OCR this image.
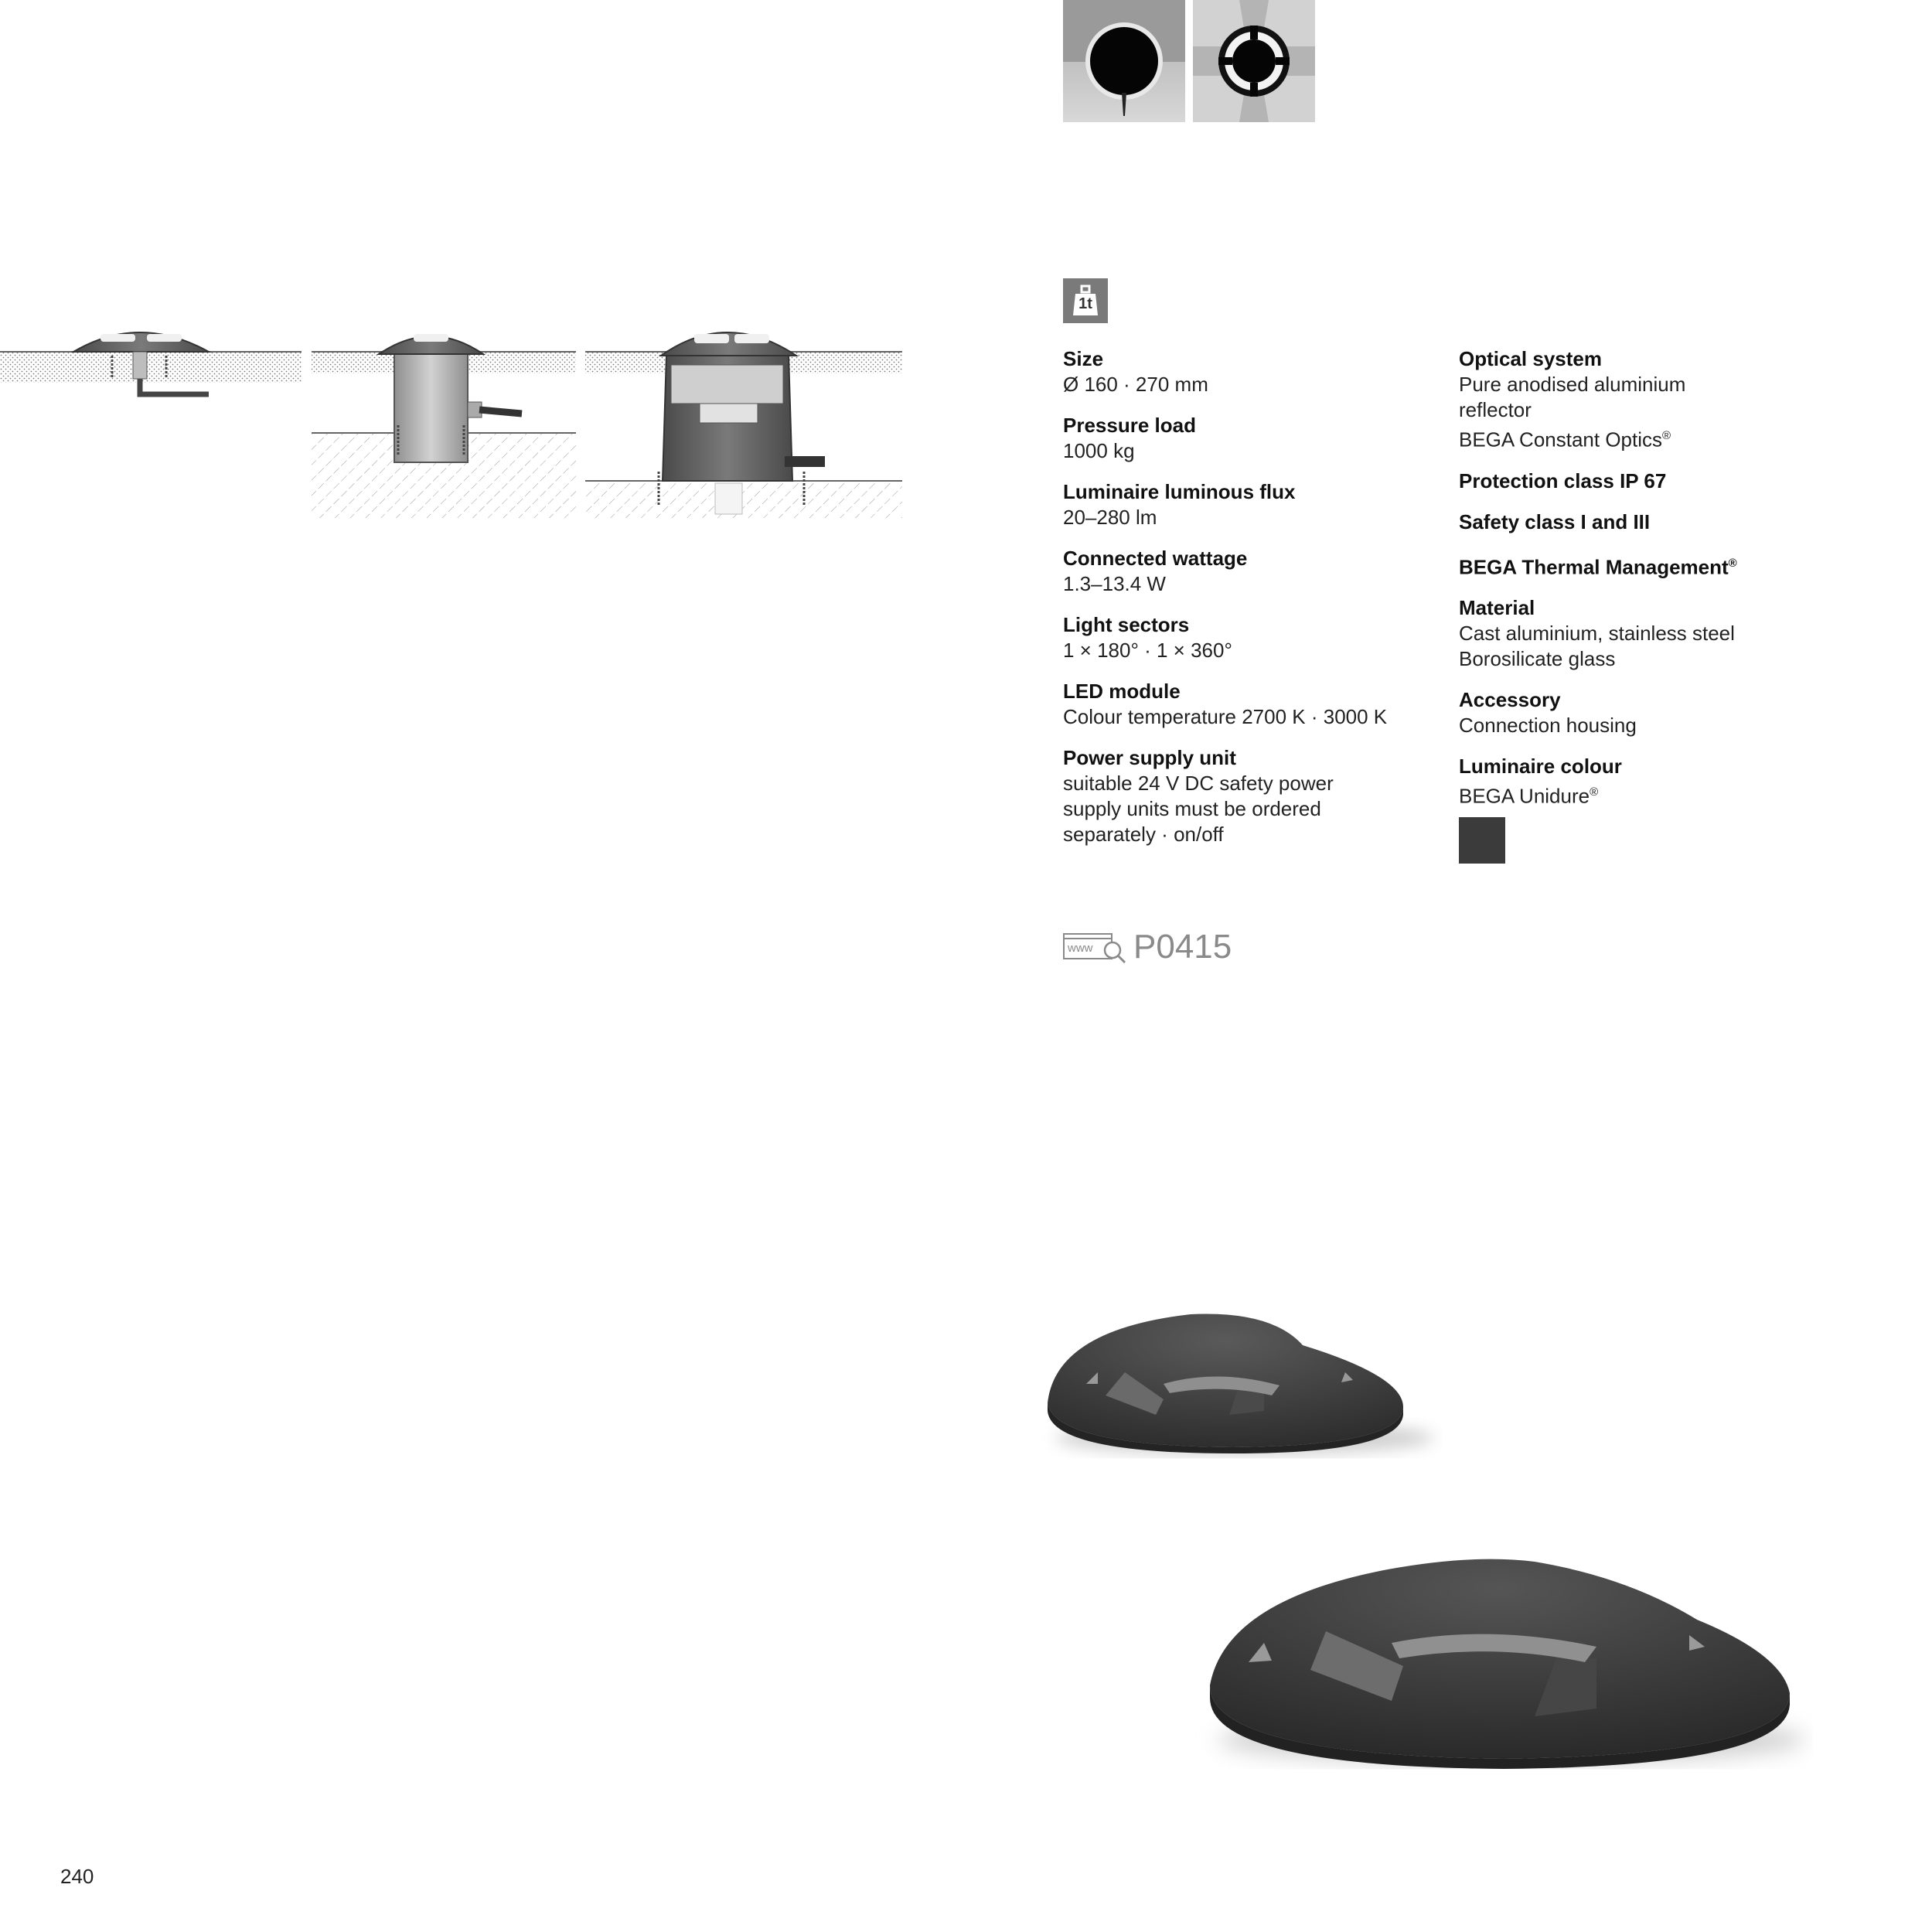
1t
Size
Ø 160 · 270 mm
Pressure load
1000 kg
Luminaire luminous flux
20–280 lm
Connected wattage
1.3–13.4 W
Light sectors
1 × 180° · 1 × 360°
LED module
Colour temperature 2700 K · 3000 K
Power supply unit
suitable 24 V DC safety power
supply units must be ordered
separately · on/off
Optical system
Pure anodised aluminium
reflector
BEGA Constant Optics®
Protection class IP 67
Safety class I and III
BEGA Thermal Management®
Material
Cast aluminium, stainless steel
Borosilicate glass
Accessory
Connection housing
Luminaire colour
BEGA Unidure®
www P0415
240
